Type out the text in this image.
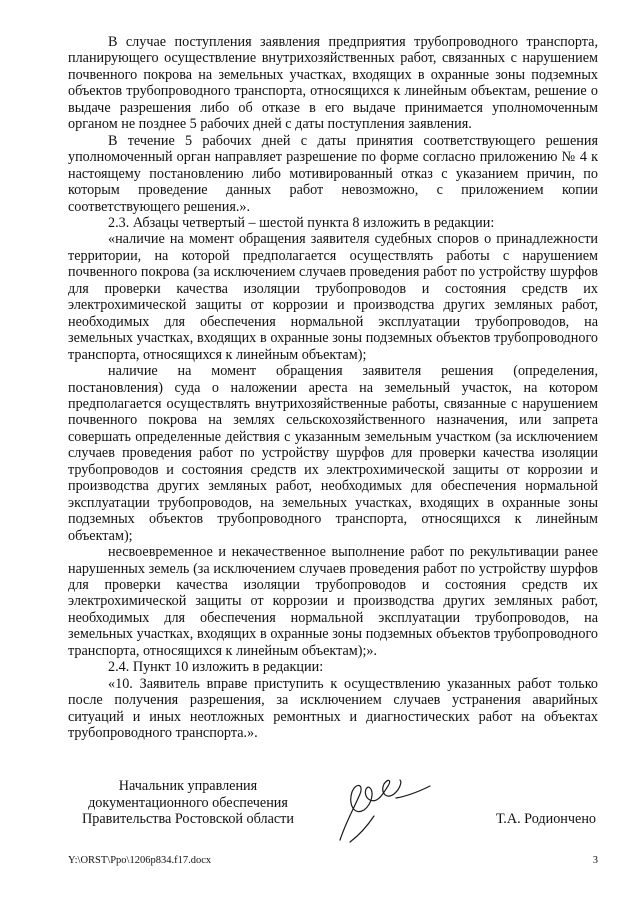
В случае поступления заявления предприятия трубопроводного транспорта, планирующего осуществление внутрихозяйственных работ, связанных с нарушением почвенного покрова на земельных участках, входящих в охранные зоны подземных объектов трубопроводного транспорта, относящихся к линейным объектам, решение о выдаче разрешения либо об отказе в его выдаче принимается уполномоченным органом не позднее 5 рабочих дней с даты поступления заявления.

В течение 5 рабочих дней с даты принятия соответствующего решения уполномоченный орган направляет разрешение по форме согласно приложению № 4 к настоящему постановлению либо мотивированный отказ с указанием причин, по которым проведение данных работ невозможно, с приложением копии соответствующего решения.».

2.3. Абзацы четвертый – шестой пункта 8 изложить в редакции:

«наличие на момент обращения заявителя судебных споров о принадлежности территории, на которой предполагается осуществлять работы с нарушением почвенного покрова (за исключением случаев проведения работ по устройству шурфов для проверки качества изоляции трубопроводов и состояния средств их электрохимической защиты от коррозии и производства других земляных работ, необходимых для обеспечения нормальной эксплуатации трубопроводов, на земельных участках, входящих в охранные зоны подземных объектов трубопроводного транспорта, относящихся к линейным объектам);

наличие на момент обращения заявителя решения (определения, постановления) суда о наложении ареста на земельный участок, на котором предполагается осуществлять внутрихозяйственные работы, связанные с нарушением почвенного покрова на землях сельскохозяйственного назначения, или запрета совершать определенные действия с указанным земельным участком (за исключением случаев проведения работ по устройству шурфов для проверки качества изоляции трубопроводов и состояния средств их электрохимической защиты от коррозии и производства других земляных работ, необходимых для обеспечения нормальной эксплуатации трубопроводов, на земельных участках, входящих в охранные зоны подземных объектов трубопроводного транспорта, относящихся к линейным объектам);

несвоевременное и некачественное выполнение работ по рекультивации ранее нарушенных земель (за исключением случаев проведения работ по устройству шурфов для проверки качества изоляции трубопроводов и состояния средств их электрохимической защиты от коррозии и производства других земляных работ, необходимых для обеспечения нормальной эксплуатации трубопроводов, на земельных участках, входящих в охранные зоны подземных объектов трубопроводного транспорта, относящихся к линейным объектам);».

2.4. Пункт 10 изложить в редакции:

«10. Заявитель вправе приступить к осуществлению указанных работ только после получения разрешения, за исключением случаев устранения аварийных ситуаций и иных неотложных ремонтных и диагностических работ на объектах трубопроводного транспорта.».

Начальник управления
документационного обеспечения
Правительства Ростовской области	Т.А. Родиончено
Y:\ORST\Ppo\1206p834.f17.docx	3
